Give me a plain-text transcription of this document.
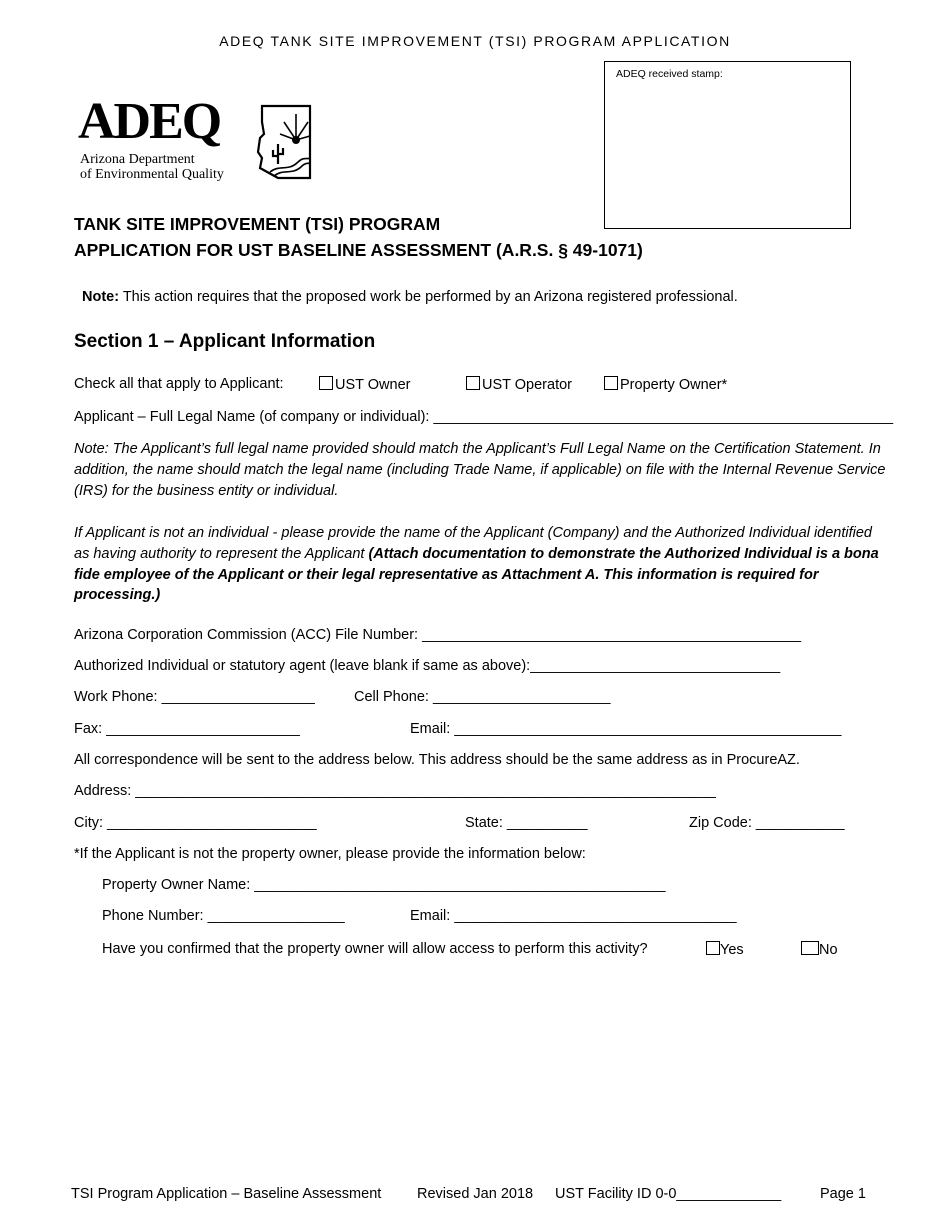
ADEQ TANK SITE IMPROVEMENT (TSI) PROGRAM APPLICATION
ADEQ received stamp:
ADEQ
Arizona Department
of Environmental Quality
TANK SITE IMPROVEMENT (TSI) PROGRAM
APPLICATION FOR UST BASELINE ASSESSMENT (A.R.S. § 49-1071)
Note: This action requires that the proposed work be performed by an Arizona registered professional.
Section 1 – Applicant Information
Check all that apply to Applicant:	UST Owner	UST Operator	Property Owner*
Applicant – Full Legal Name (of company or individual): _________________________________________________________
Note: The Applicant’s full legal name provided should match the Applicant’s Full Legal Name on the Certification Statement. In addition, the name should match the legal name (including Trade Name, if applicable) on file with the Internal Revenue Service (IRS) for the business entity or individual.
If Applicant is not an individual - please provide the name of the Applicant (Company) and the Authorized Individual identified as having authority to represent the Applicant (Attach documentation to demonstrate the Authorized Individual is a bona fide employee of the Applicant or their legal representative as Attachment A. This information is required for processing.)
Arizona Corporation Commission (ACC) File Number: _______________________________________________
Authorized Individual or statutory agent (leave blank if same as above):_______________________________
Work Phone: ___________________	Cell Phone: ______________________
Fax: ________________________	Email: ________________________________________________
All correspondence will be sent to the address below. This address should be the same address as in ProcureAZ.
Address: ________________________________________________________________________
City: __________________________	State: __________	Zip Code: ___________
*If the Applicant is not the property owner, please provide the information below:
Property Owner Name: ___________________________________________________
Phone Number: _________________	Email: ___________________________________
Have you confirmed that the property owner will allow access to perform this activity?	Yes	No
TSI Program Application – Baseline Assessment Revised Jan 2018 UST Facility ID 0-0_____________	Page 1
